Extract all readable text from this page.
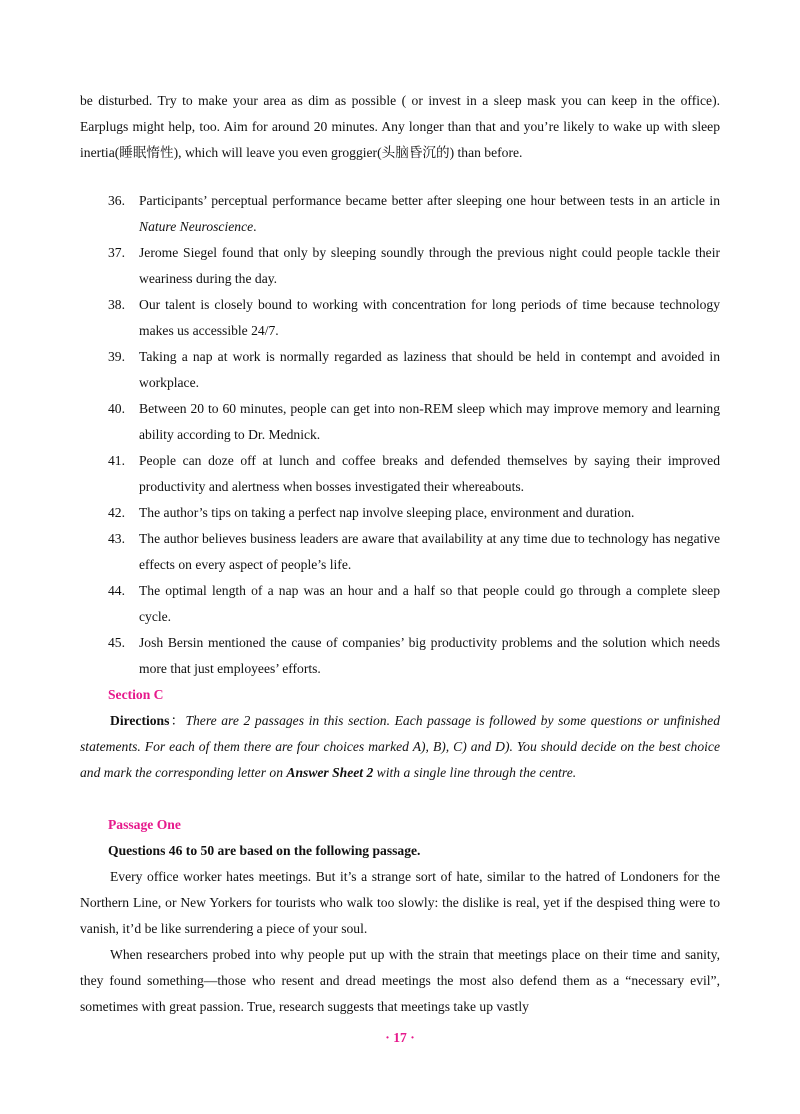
be disturbed. Try to make your area as dim as possible ( or invest in a sleep mask you can keep in the office). Earplugs might help, too. Aim for around 20 minutes. Any longer than that and you’re likely to wake up with sleep inertia(睡眠惰性), which will leave you even groggier(头脑昏沉的) than before.

36.	Participants’ perceptual performance became better after sleeping one hour between tests in an article in Nature Neuroscience.
37.	Jerome Siegel found that only by sleeping soundly through the previous night could people tackle their weariness during the day.
38.	Our talent is closely bound to working with concentration for long periods of time because technology makes us accessible 24/7.
39.	Taking a nap at work is normally regarded as laziness that should be held in contempt and avoided in workplace.
40.	Between 20 to 60 minutes, people can get into non-REM sleep which may improve memory and learning ability according to Dr. Mednick.
41.	People can doze off at lunch and coffee breaks and defended themselves by saying their improved productivity and alertness when bosses investigated their whereabouts.
42.	The author’s tips on taking a perfect nap involve sleeping place, environment and duration.
43.	The author believes business leaders are aware that availability at any time due to technology has negative effects on every aspect of people’s life.
44.	The optimal length of a nap was an hour and a half so that people could go through a complete sleep cycle.
45.	Josh Bersin mentioned the cause of companies’ big productivity problems and the solution which needs more that just employees’ efforts.
Section C

Directions：There are 2 passages in this section. Each passage is followed by some questions or unfinished statements. For each of them there are four choices marked A), B), C) and D). You should decide on the best choice and mark the corresponding letter on Answer Sheet 2 with a single line through the centre.

Passage One
Questions 46 to 50 are based on the following passage.

Every office worker hates meetings. But it’s a strange sort of hate, similar to the hatred of Londoners for the Northern Line, or New Yorkers for tourists who walk too slowly: the dislike is real, yet if the despised thing were to vanish, it’d be like surrendering a piece of your soul.

When researchers probed into why people put up with the strain that meetings place on their time and sanity, they found something—those who resent and dread meetings the most also defend them as a “necessary evil”, sometimes with great passion. True, research suggests that meetings take up vastly

· 17 ·
